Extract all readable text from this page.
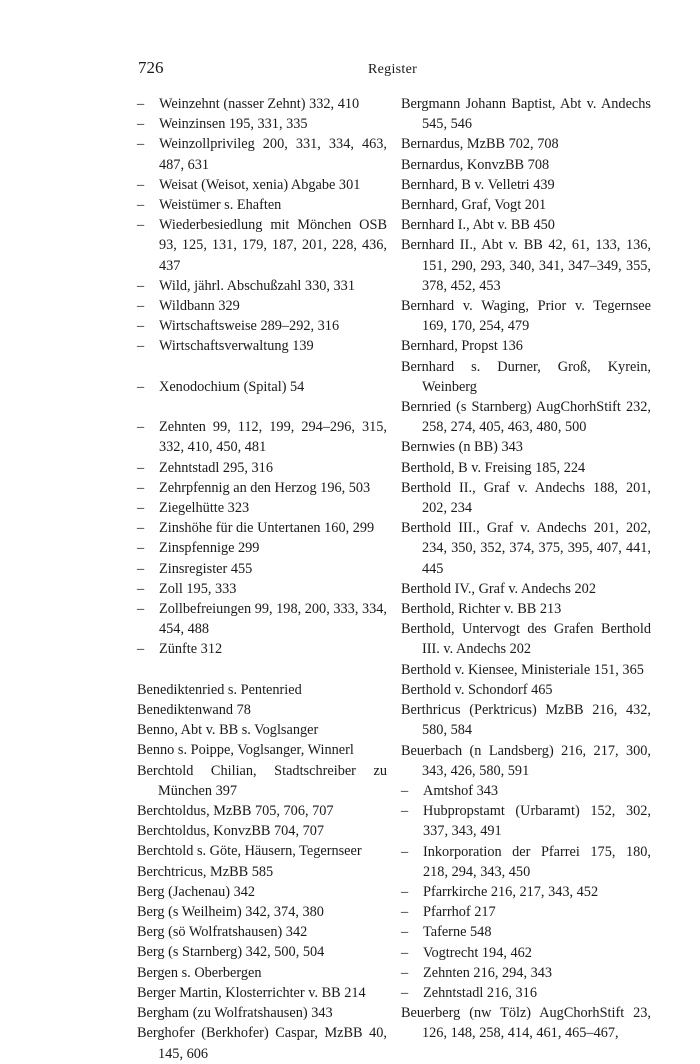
726	Register

– Weinzehnt (nasser Zehnt) 332, 410

– Weinzinsen 195, 331, 335

– Weinzollprivileg 200, 331, 334, 463, 487, 631

– Weisat (Weisot, xenia) Abgabe 301

– Weistümer s. Ehaften

– Wiederbesiedlung mit Mönchen OSB 93, 125, 131, 179, 187, 201, 228, 436, 437

– Wild, jährl. Abschußzahl 330, 331

– Wildbann 329

– Wirtschaftsweise 289–292, 316

– Wirtschaftsverwaltung 139

– Xenodochium (Spital) 54

– Zehnten 99, 112, 199, 294–296, 315, 332, 410, 450, 481

– Zehntstadl 295, 316

– Zehrpfennig an den Herzog 196, 503

– Ziegelhütte 323

– Zinshöhe für die Untertanen 160, 299

– Zinspfennige 299

– Zinsregister 455

– Zoll 195, 333

– Zollbefreiungen 99, 198, 200, 333, 334, 454, 488

– Zünfte 312

Benediktenried s. Pentenried

Benediktenwand 78

Benno, Abt v. BB s. Voglsanger

Benno s. Poippe, Voglsanger, Winnerl

Berchtold Chilian, Stadtschreiber zu München 397

Berchtoldus, MzBB 705, 706, 707

Berchtoldus, KonvzBB 704, 707

Berchtold s. Göte, Häusern, Tegernseer

Berchtricus, MzBB 585

Berg (Jachenau) 342

Berg (s Weilheim) 342, 374, 380

Berg (sö Wolfratshausen) 342

Berg (s Starnberg) 342, 500, 504

Bergen s. Oberbergen

Berger Martin, Klosterrichter v. BB 214

Bergham (zu Wolfratshausen) 343

Berghofer (Berkhofer) Caspar, MzBB 40, 145, 606

Bergmann Johann Baptist, Abt v. Andechs 545, 546

Bernardus, MzBB 702, 708

Bernardus, KonvzBB 708

Bernhard, B v. Velletri 439

Bernhard, Graf, Vogt 201

Bernhard I., Abt v. BB 450

Bernhard II., Abt v. BB 42, 61, 133, 136, 151, 290, 293, 340, 341, 347–349, 355, 378, 452, 453

Bernhard v. Waging, Prior v. Tegernsee 169, 170, 254, 479

Bernhard, Propst 136

Bernhard s. Durner, Groß, Kyrein, Weinberg

Bernried (s Starnberg) AugChorhStift 232, 258, 274, 405, 463, 480, 500

Bernwies (n BB) 343

Berthold, B v. Freising 185, 224

Berthold II., Graf v. Andechs 188, 201, 202, 234

Berthold III., Graf v. Andechs 201, 202, 234, 350, 352, 374, 375, 395, 407, 441, 445

Berthold IV., Graf v. Andechs 202

Berthold, Richter v. BB 213

Berthold, Untervogt des Grafen Berthold III. v. Andechs 202

Berthold v. Kiensee, Ministeriale 151, 365

Berthold v. Schondorf 465

Berthricus (Perktricus) MzBB 216, 432, 580, 584

Beuerbach (n Landsberg) 216, 217, 300, 343, 426, 580, 591

– Amtshof 343

– Hubpropstamt (Urbaramt) 152, 302, 337, 343, 491

– Inkorporation der Pfarrei 175, 180, 218, 294, 343, 450

– Pfarrkirche 216, 217, 343, 452

– Pfarrhof 217

– Taferne 548

– Vogtrecht 194, 462

– Zehnten 216, 294, 343

– Zehntstadl 216, 316

Beuerberg (nw Tölz) AugChorhStift 23, 126, 148, 258, 414, 461, 465–467,
